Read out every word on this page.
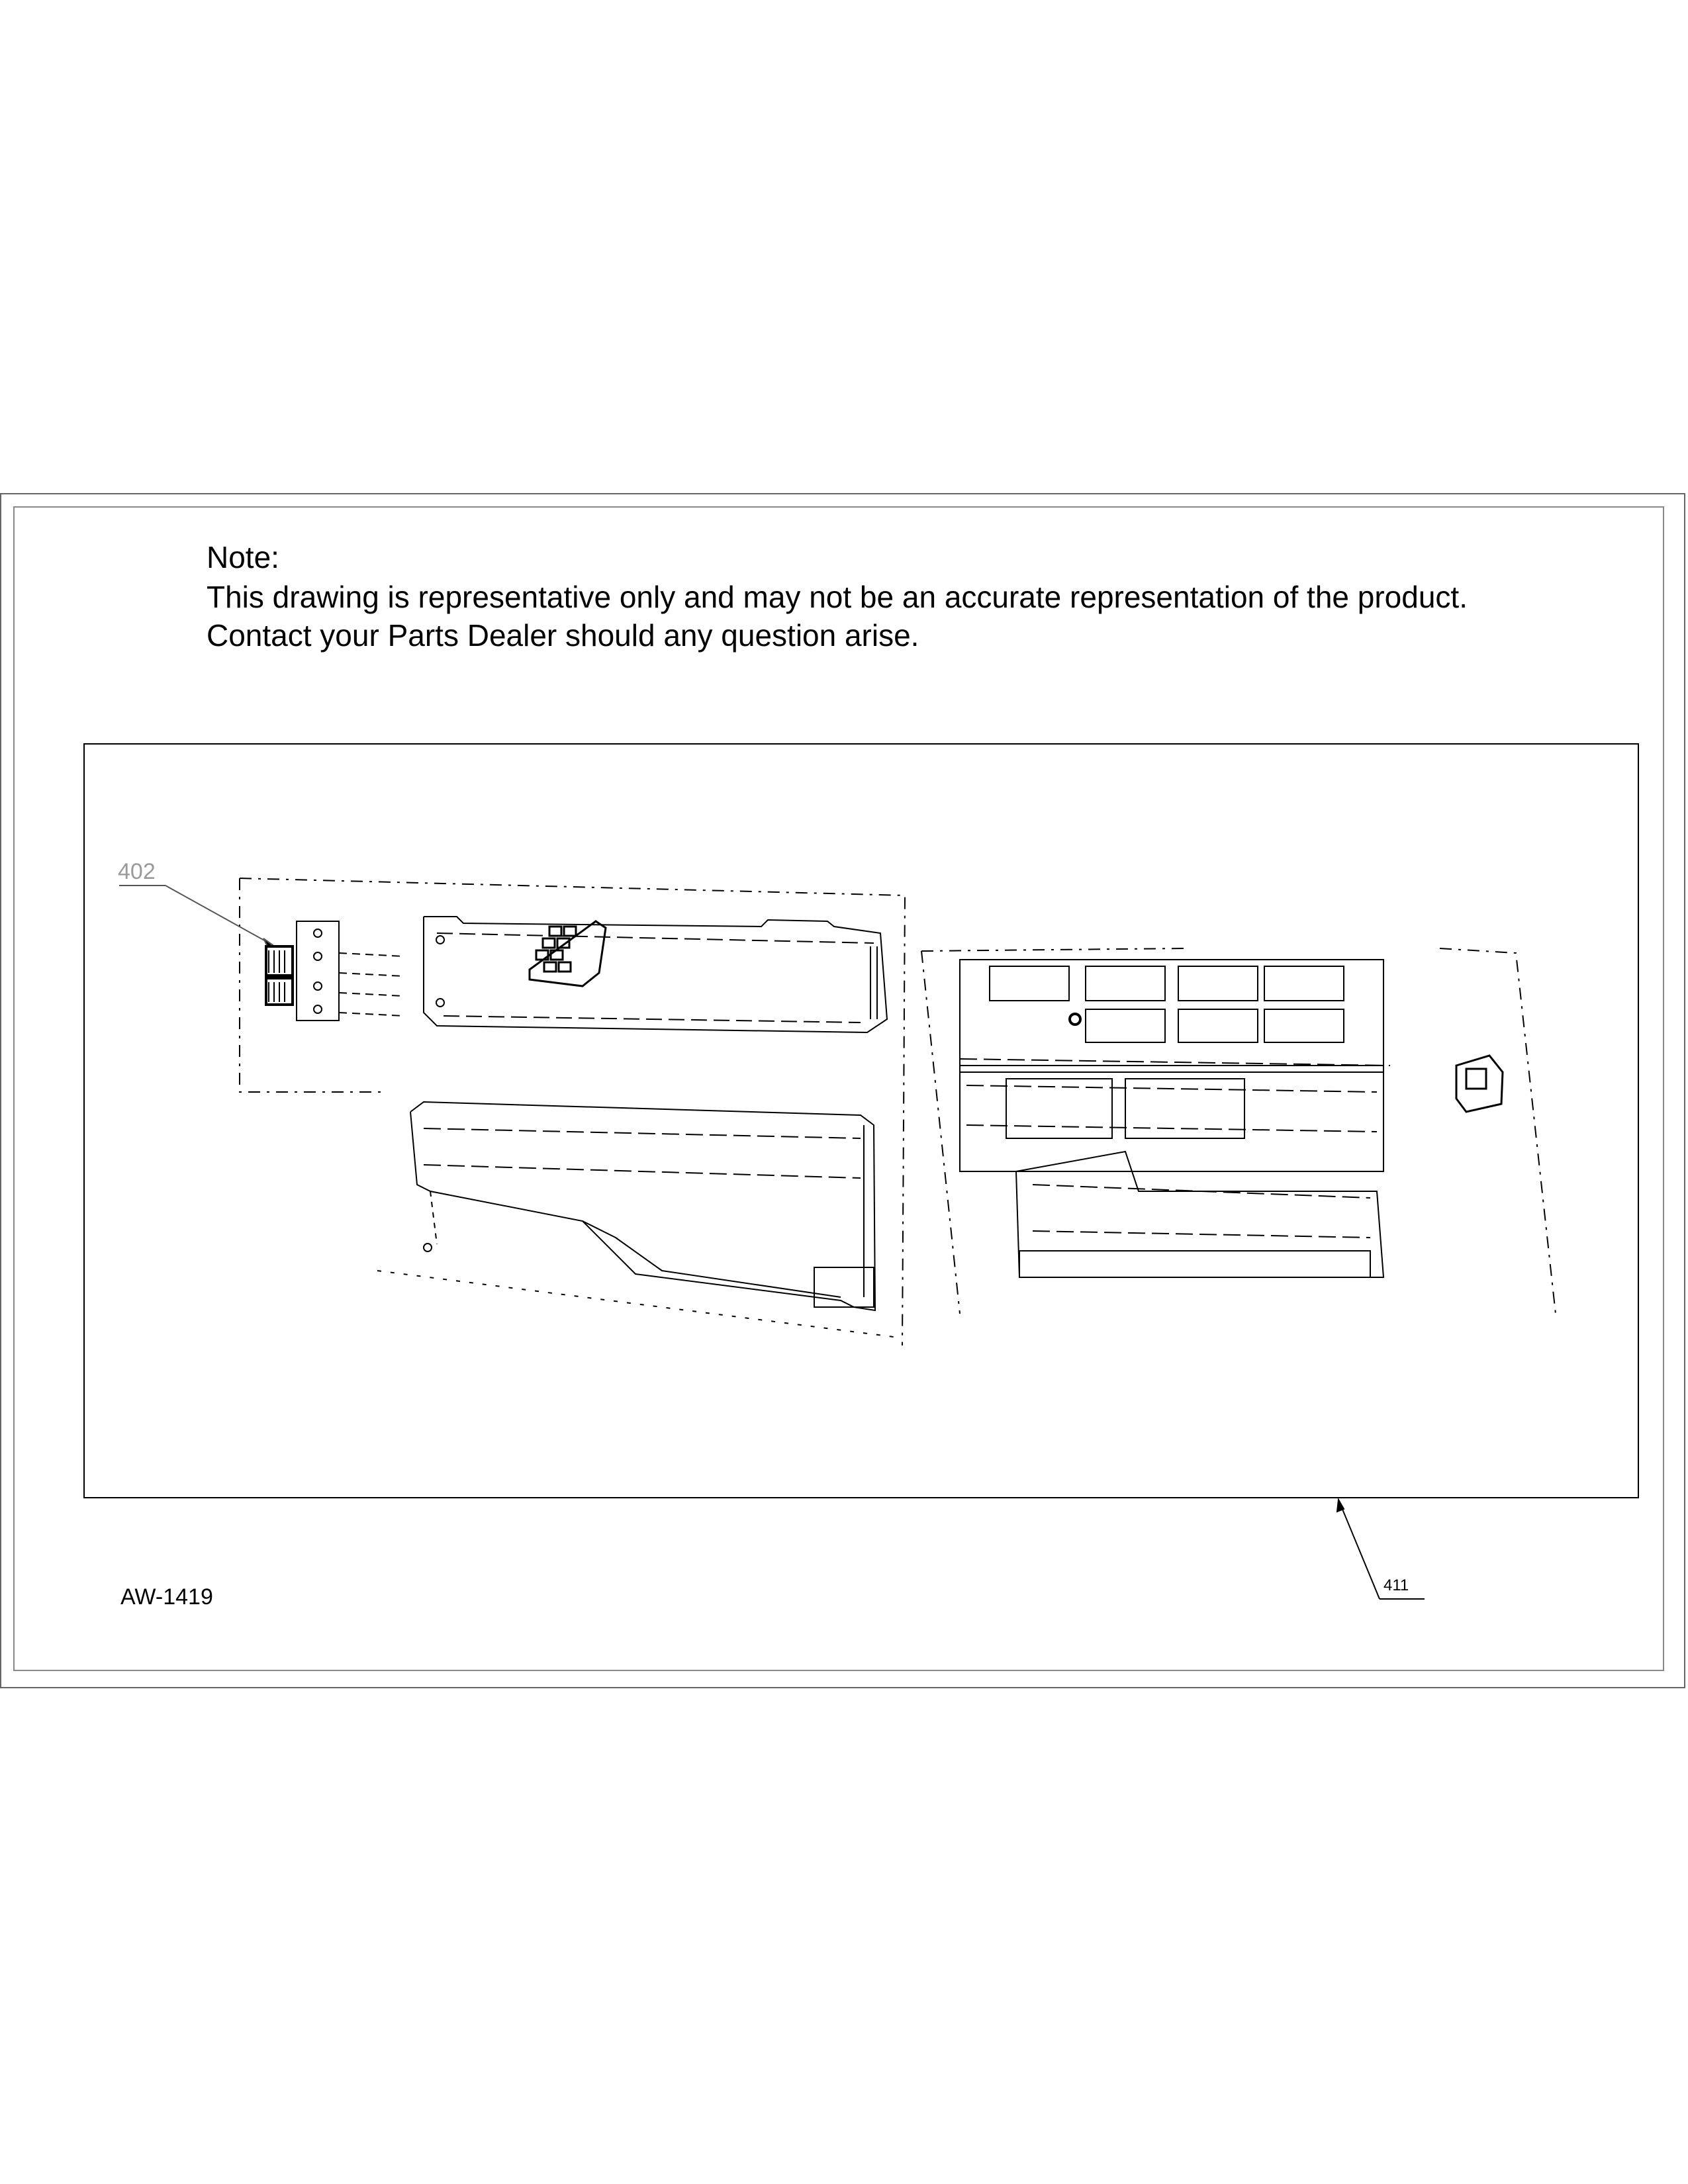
Note:
This drawing is representative only and may not be an accurate representation of the product.
Contact your Parts Dealer should any question arise.
402
411
AW-1419
